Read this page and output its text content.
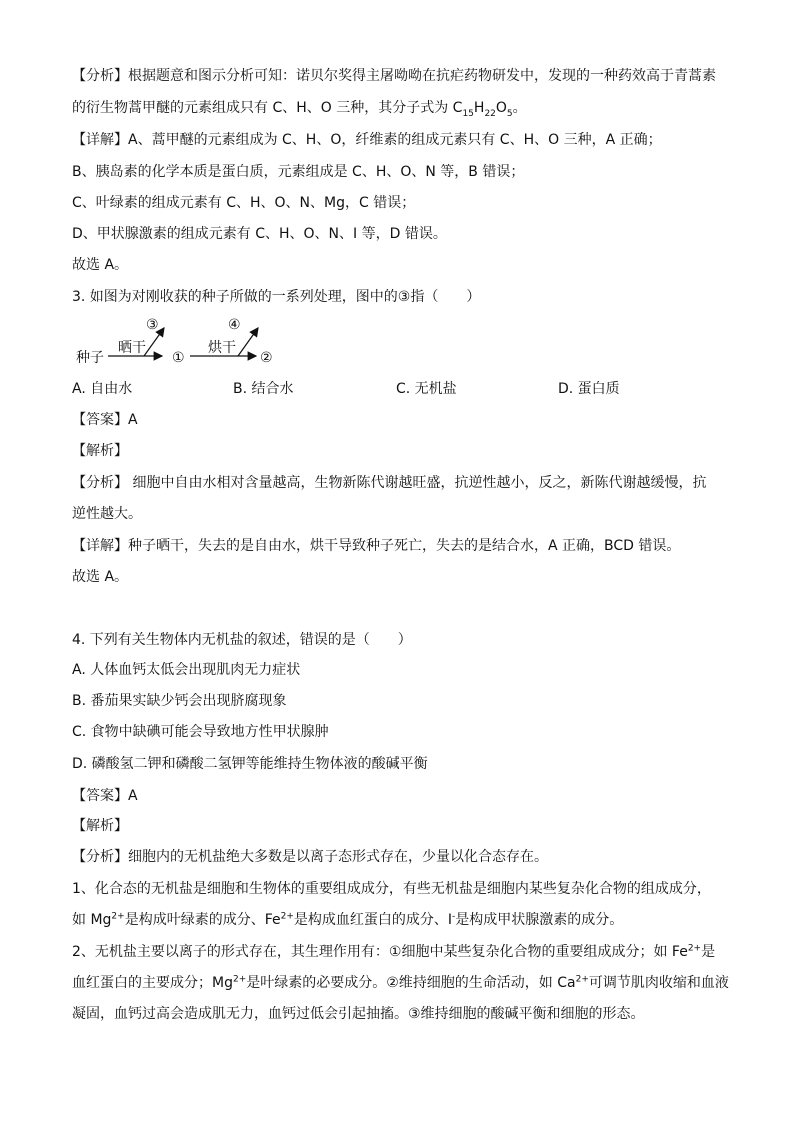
【分析】根据题意和图示分析可知：诺贝尔奖得主屠呦呦在抗疟药物研发中，发现的一种药效高于青蒿素
的衍生物蒿甲醚的元素组成只有 C、H、O 三种，其分子式为 $C_{15}H_{22}O_5$。
【详解】A、蒿甲醚的元素组成为 C、H、O，纤维素的组成元素只有 C、H、O 三种，A 正确；
B、胰岛素的化学本质是蛋白质，元素组成是 C、H、O、N 等，B 错误；
C、叶绿素的组成元素有 C、H、O、N、Mg，C 错误；
D、甲状腺激素的组成元素有 C、H、O、N、I 等，D 错误。
故选 A。
3. 如图为对刚收获的种子所做的一系列处理，图中的③指（　　）
种子
晒干
③
①
烘干
④
②
A. 自由水	B. 结合水	C. 无机盐	D. 蛋白质
【答案】A
【解析】
【分析】 细胞中自由水相对含量越高，生物新陈代谢越旺盛，抗逆性越小，反之，新陈代谢越缓慢，抗
逆性越大。
【详解】种子晒干，失去的是自由水，烘干导致种子死亡，失去的是结合水，A 正确，BCD 错误。
故选 A。
4. 下列有关生物体内无机盐的叙述，错误的是（　　）
A. 人体血钙太低会出现肌肉无力症状
B. 番茄果实缺少钙会出现脐腐现象
C. 食物中缺碘可能会导致地方性甲状腺肿
D. 磷酸氢二钾和磷酸二氢钾等能维持生物体液的酸碱平衡
【答案】A
【解析】
【分析】细胞内的无机盐绝大多数是以离子态形式存在，少量以化合态存在。
1、化合态的无机盐是细胞和生物体的重要组成成分，有些无机盐是细胞内某些复杂化合物的组成成分，
如 $Mg^{2+}$是构成叶绿素的成分、$Fe^{2+}$是构成血红蛋白的成分、I-是构成甲状腺激素的成分。
2、无机盐主要以离子的形式存在，其生理作用有：①细胞中某些复杂化合物的重要组成成分；如 $Fe^{2+}$是
血红蛋白的主要成分；$Mg^{2+}$是叶绿素的必要成分。②维持细胞的生命活动，如 $Ca^{2+}$可调节肌肉收缩和血液
凝固，血钙过高会造成肌无力，血钙过低会引起抽搐。③维持细胞的酸碱平衡和细胞的形态。
